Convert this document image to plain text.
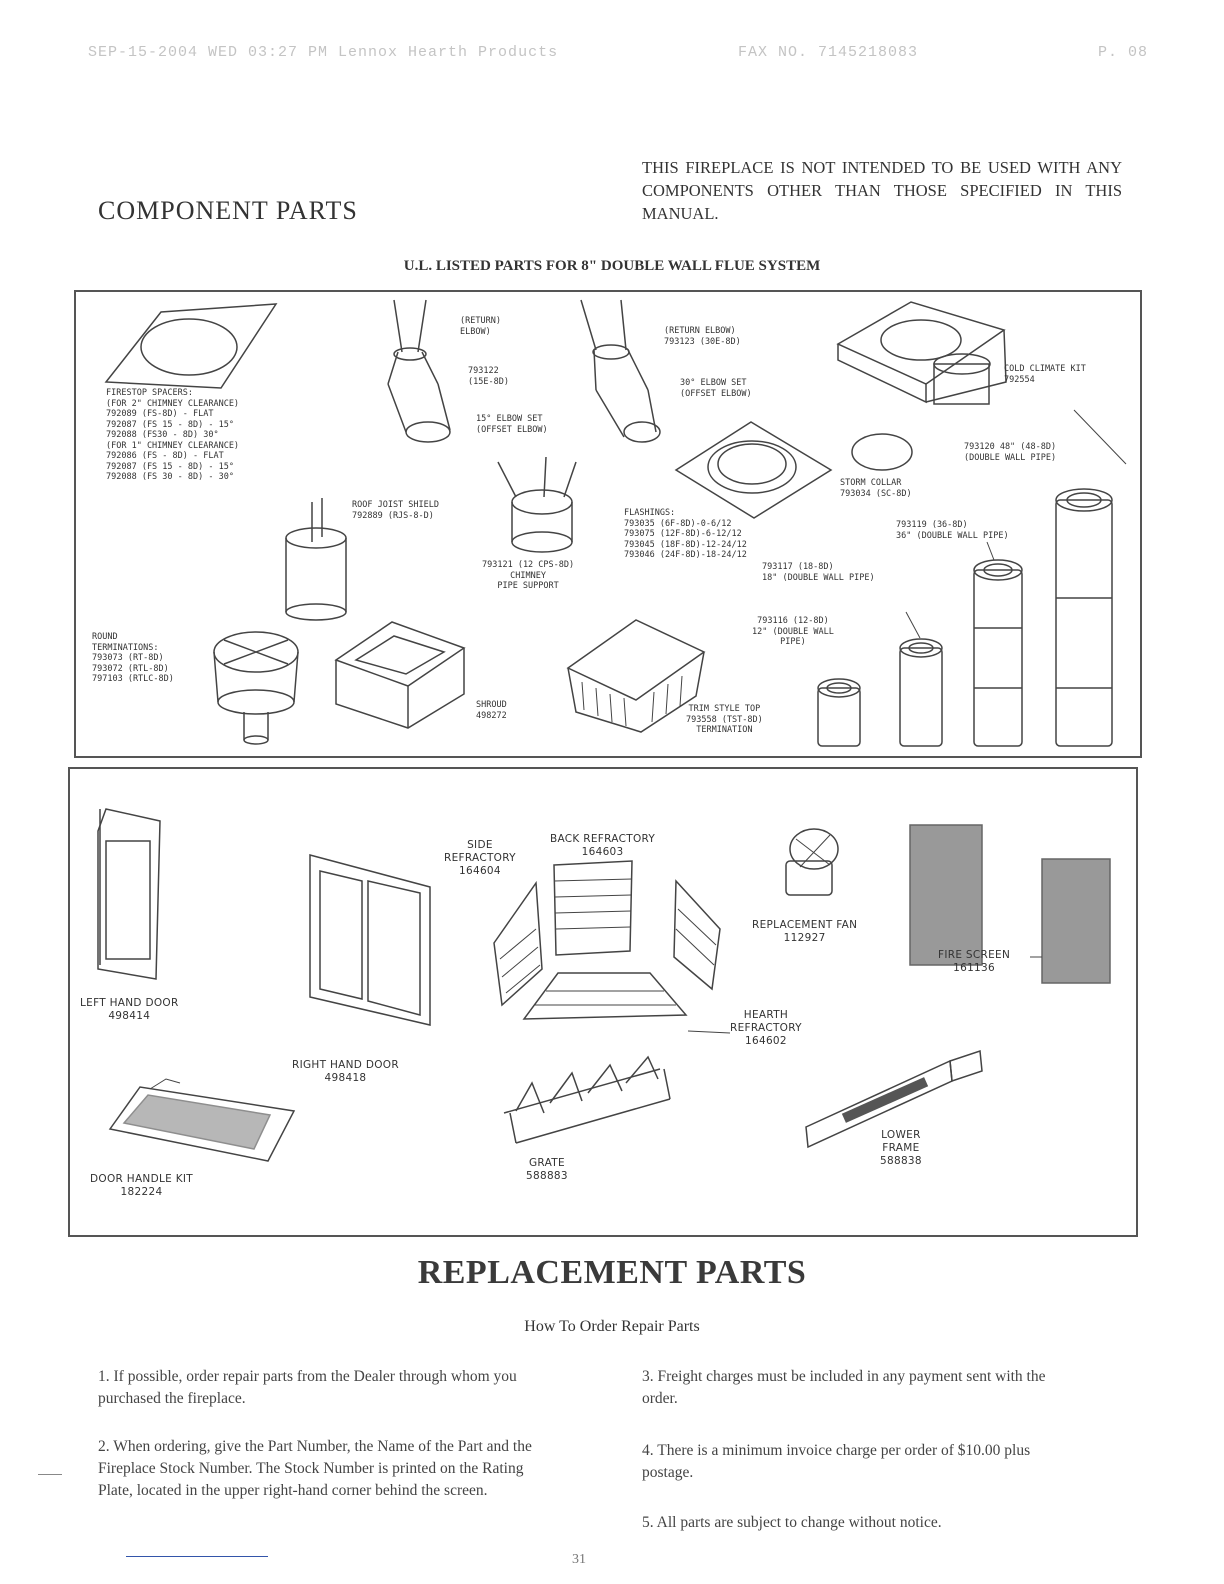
SEP-15-2004 WED 03:27 PM Lennox Hearth Products	FAX NO. 7145218083	P. 08
COMPONENT PARTS
THIS FIREPLACE IS NOT INTENDED TO BE USED WITH ANY COMPONENTS OTHER THAN THOSE SPECIFIED IN THIS MANUAL.
U.L. LISTED PARTS FOR 8" DOUBLE WALL FLUE SYSTEM
FIRESTOP SPACERS:
(FOR 2" CHIMNEY CLEARANCE)
792089 (FS-8D) - FLAT
792087 (FS 15 - 8D) - 15°
792088 (FS30 - 8D) 30°
(FOR 1" CHIMNEY CLEARANCE)
792086 (FS - 8D) - FLAT
792087 (FS 15 - 8D) - 15°
792088 (FS 30 - 8D) - 30°
(RETURN)
ELBOW)
793122
(15E-8D)
15° ELBOW SET
(OFFSET ELBOW)
(RETURN ELBOW)
793123 (30E-8D)
30° ELBOW SET
(OFFSET ELBOW)
COLD CLIMATE KIT
792554
ROOF JOIST SHIELD
792889 (RJS-8-D)
793121 (12 CPS-8D)
CHIMNEY
PIPE SUPPORT
FLASHINGS:
793035 (6F-8D)-0-6/12
793075 (12F-8D)-6-12/12
793045 (18F-8D)-12-24/12
793046 (24F-8D)-18-24/12
STORM COLLAR
793034 (SC-8D)
793120 48" (48-8D)
(DOUBLE WALL PIPE)
793119 (36-8D)
36" (DOUBLE WALL PIPE)
793117 (18-8D)
18" (DOUBLE WALL PIPE)
793116 (12-8D)
12" (DOUBLE WALL
PIPE)
ROUND
TERMINATIONS:
793073 (RT-8D)
793072 (RTL-8D)
797103 (RTLC-8D)
SHROUD
498272
TRIM STYLE TOP
793558 (TST-8D)
TERMINATION
LEFT HAND DOOR
498414
RIGHT HAND DOOR
498418
SIDE
REFRACTORY
164604
BACK REFRACTORY
164603
HEARTH
REFRACTORY
164602
REPLACEMENT FAN
112927
FIRE SCREEN
161136
DOOR HANDLE KIT
182224
GRATE
588883
LOWER
FRAME
588838
REPLACEMENT PARTS
How To Order Repair Parts
1. If possible, order repair parts from the Dealer through whom you purchased the fireplace.
2. When ordering, give the Part Number, the Name of the Part and the Fireplace Stock Number. The Stock Number is printed on the Rating Plate, located in the upper right-hand corner behind the screen.
3. Freight charges must be included in any payment sent with the order.
4. There is a minimum invoice charge per order of $10.00 plus postage.
5. All parts are subject to change without notice.
31
